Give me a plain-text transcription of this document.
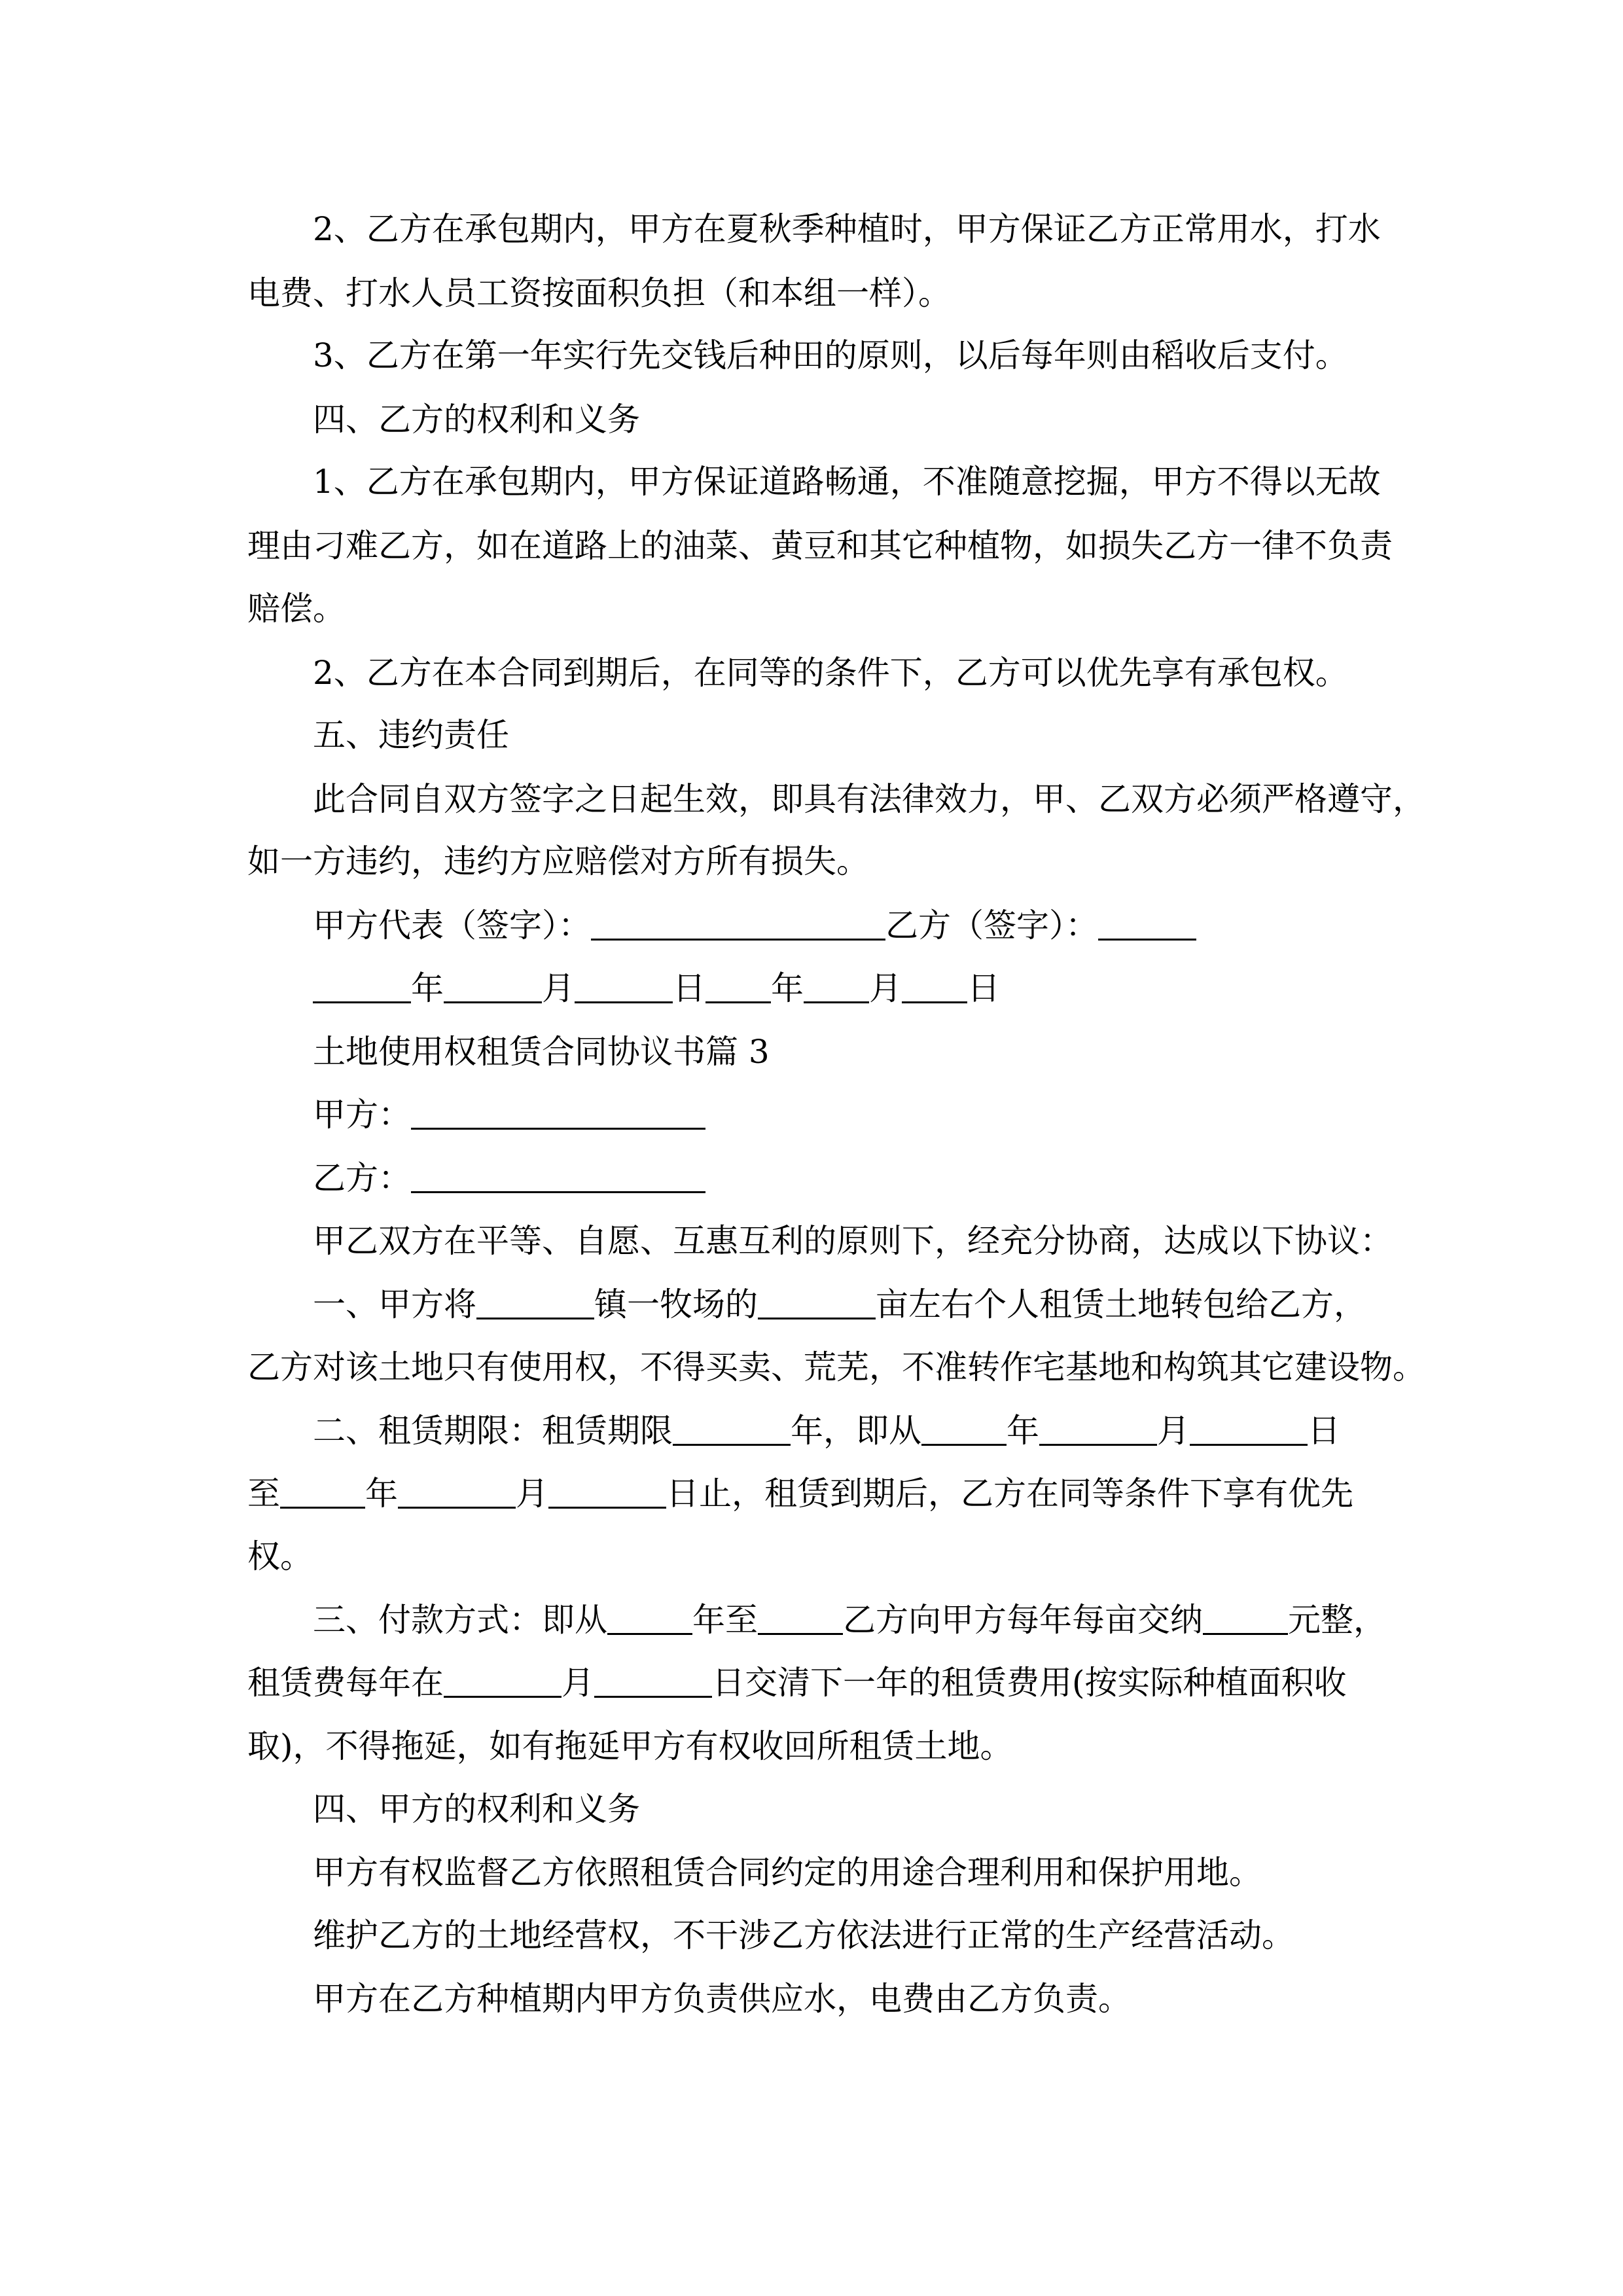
2、乙方在承包期内，甲方在夏秋季种植时，甲方保证乙方正常用水，打水
电费、打水人员工资按面积负担（和本组一样）。
3、乙方在第一年实行先交钱后种田的原则，以后每年则由稻收后支付。
四、乙方的权利和义务
1、乙方在承包期内，甲方保证道路畅通，不准随意挖掘，甲方不得以无故
理由刁难乙方，如在道路上的油菜、黄豆和其它种植物，如损失乙方一律不负责
赔偿。
2、乙方在本合同到期后，在同等的条件下，乙方可以优先享有承包权。
五、违约责任
此合同自双方签字之日起生效，即具有法律效力，甲、乙双方必须严格遵守，
如一方违约，违约方应赔偿对方所有损失。
甲方代表（签字）：	乙方（签字）：
年	月	日 年 月 日
土地使用权租赁合同协议书篇 3
甲方：
乙方：
甲乙双方在平等、自愿、互惠互利的原则下，经充分协商，达成以下协议：
一、甲方将	镇一牧场的	亩左右个人租赁土地转包给乙方，
乙方对该土地只有使用权，不得买卖、荒芜，不准转作宅基地和构筑其它建设物。
二、租赁期限：租赁期限	年，即从	年	月	日
至	年	月	日止，租赁到期后，乙方在同等条件下享有优先
权。
三、付款方式：即从	年至	乙方向甲方每年每亩交纳	元整，
租赁费每年在	月	日交清下一年的租赁费用(按实际种植面积收
取)，不得拖延，如有拖延甲方有权收回所租赁土地。
四、甲方的权利和义务
甲方有权监督乙方依照租赁合同约定的用途合理利用和保护用地。
维护乙方的土地经营权，不干涉乙方依法进行正常的生产经营活动。
甲方在乙方种植期内甲方负责供应水，电费由乙方负责。
